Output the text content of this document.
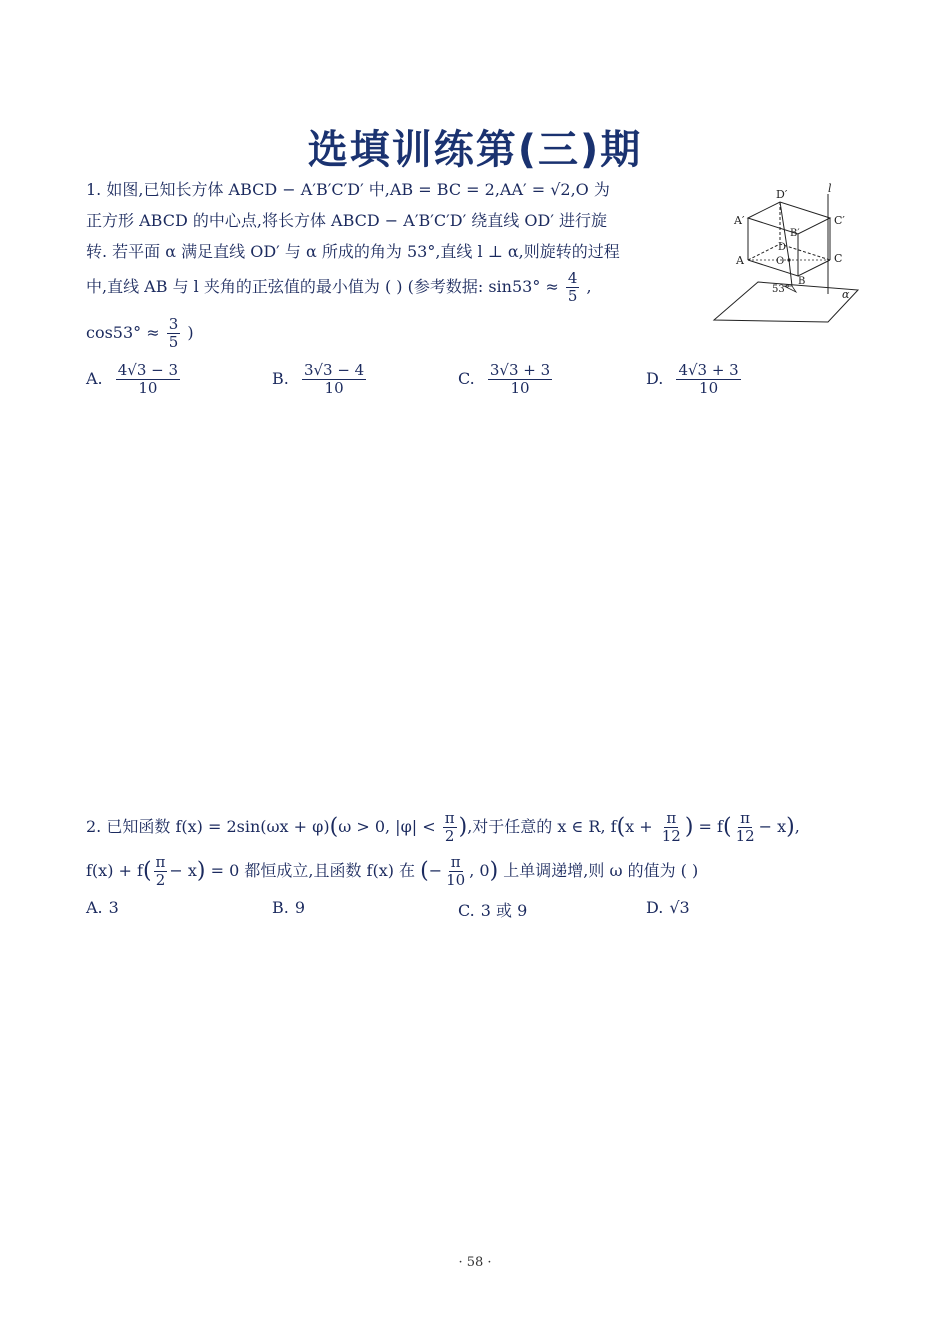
选填训练第(三)期
1. 如图,已知长方体 ABCD − A′B′C′D′ 中,AB = BC = 2,AA′ = √2,O 为
正方形 ABCD 的中心点,将长方体 ABCD − A′B′C′D′ 绕直线 OD′ 进行旋
转. 若平面 α 满足直线 OD′ 与 α 所成的角为 53°,直线 l ⊥ α,则旋转的过程
中,直线 AB 与 l 夹角的正弦值的最小值为 ( ) (参考数据: $\sin 53^\circ \approx \frac{4}{5}$ ,
$\cos 53^\circ \approx \frac{3}{5}$ )
A. $\frac{4√3 - 3}{10}$	B. $\frac{3√3 - 4}{10}$	C. $\frac{3√3 + 3}{10}$	D. $\frac{4√3 + 3}{10}$
D′	l
A′	C′
B′
D
O
A	C
B
53°	α
2. 已知函数 f(x) = 2sin(ωx + φ)(ω > 0, $|\varphi| < \frac{\pi}{2}$ ),对于任意的 x ∈ R, $f(x + \frac{\pi}{12}$ ) = $f( \frac{\pi}{12} - x)$,
$f(x) + f( \frac{\pi}{2} - x) = 0$ 都恒成立,且函数 f(x) 在 (− $\frac{\pi}{10}$ , 0) 上单调递增,则 ω 的值为 ( )
A. 3	B. 9	C. 3 或 9	D. √3
· 58 ·
